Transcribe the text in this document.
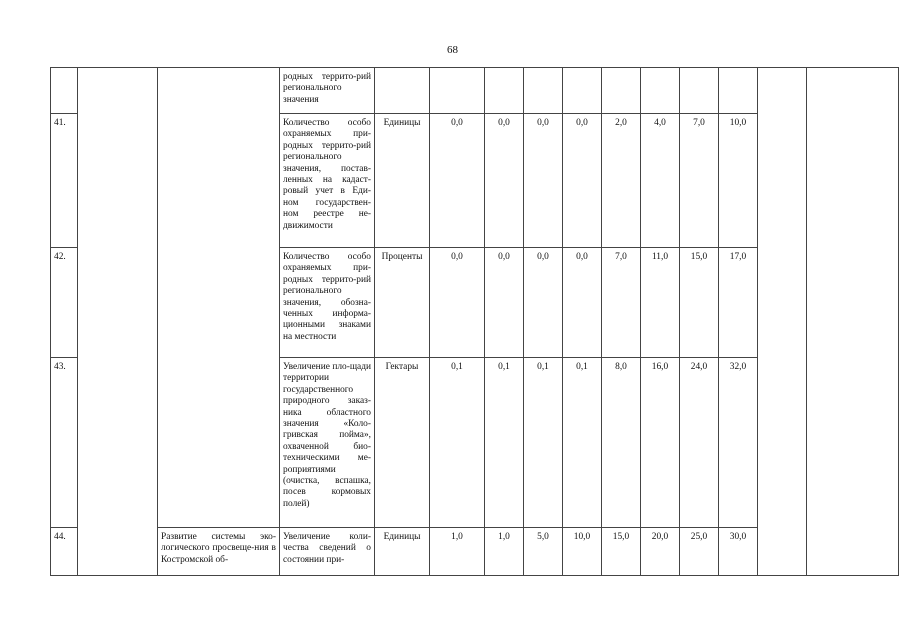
68
			родных террито-рий регионального значения											
41.			Количество особо охраняемых при-родных террито-рий регионального значения, постав-ленных на кадаст-ровый учет в Еди-ном государствен-ном реестре не-движимости	Единицы	0,0	0,0	0,0	0,0	2,0	4,0	7,0	10,0		
42.			Количество особо охраняемых при-родных террито-рий регионального значения, обозна-ченных информа-ционными знаками на местности	Проценты	0,0	0,0	0,0	0,0	7,0	11,0	15,0	17,0		
43.			Увеличение пло-щади территории государственного природного заказ-ника областного значения «Коло-гривская пойма», охваченной био-техническими ме-роприятиями (очистка, вспашка, посев кормовых полей)	Гектары	0,1	0,1	0,1	0,1	8,0	16,0	24,0	32,0		
44.		Развитие системы эко-логического просвеще-ния в Костромской об-	Увеличение коли-чества сведений о состоянии при-	Единицы	1,0	1,0	5,0	10,0	15,0	20,0	25,0	30,0		
